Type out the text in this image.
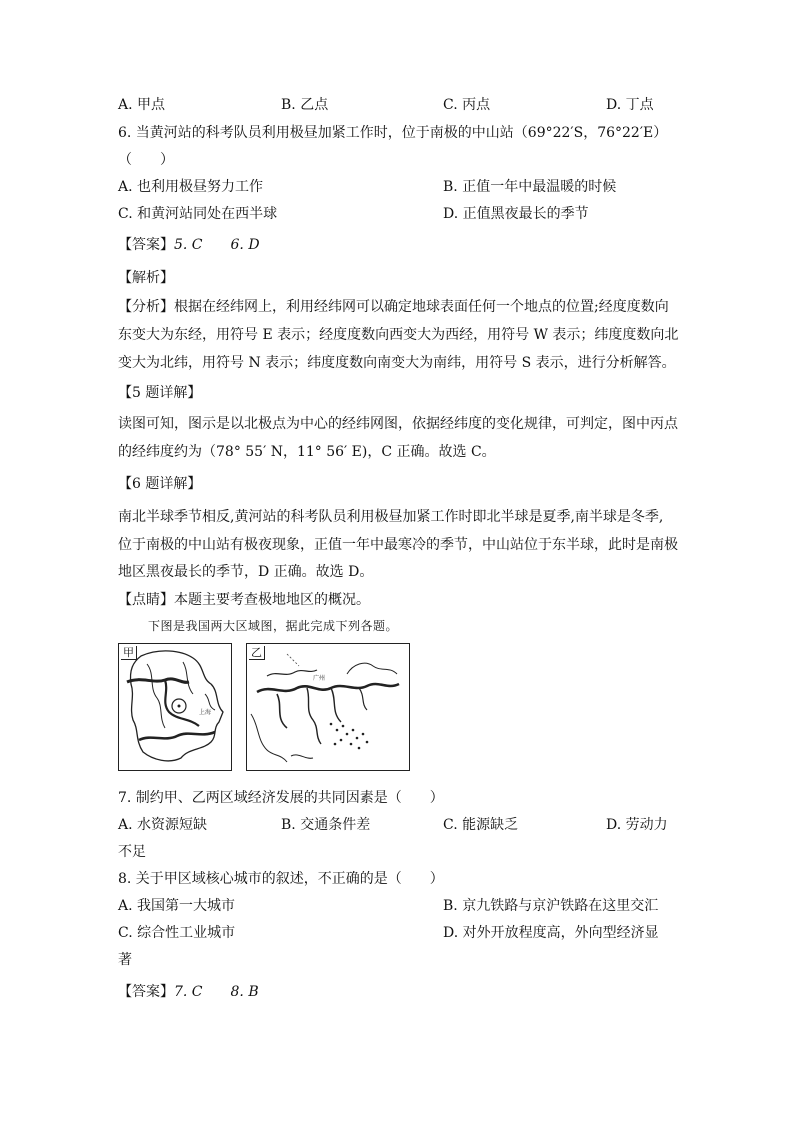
A. 甲点	B. 乙点	C. 丙点	D. 丁点
6. 当黄河站的科考队员利用极昼加紧工作时，位于南极的中山站（69°22′S，76°22′E）
（　　）
A. 也利用极昼努力工作	B. 正值一年中最温暖的时候
C. 和黄河站同处在西半球	D. 正值黑夜最长的季节
【答案】5. C　　6. D
【解析】
【分析】根据在经纬网上，利用经纬网可以确定地球表面任何一个地点的位置;经度度数向
东变大为东经，用符号 E 表示；经度度数向西变大为西经，用符号 W 表示；纬度度数向北
变大为北纬，用符号 N 表示；纬度度数向南变大为南纬，用符号 S 表示，进行分析解答。
【5 题详解】
读图可知，图示是以北极点为中心的经纬网图，依据经纬度的变化规律，可判定，图中丙点
的经纬度约为（78° 55′ N，11° 56′ E)，C 正确。故选 C。
【6 题详解】
南北半球季节相反,黄河站的科考队员利用极昼加紧工作时即北半球是夏季,南半球是冬季,
位于南极的中山站有极夜现象，正值一年中最寒冷的季节，中山站位于东半球，此时是南极
地区黑夜最长的季节，D 正确。故选 D。
【点睛】本题主要考查极地地区的概况。
下图是我国两大区域图，据此完成下列各题。
甲
上海
乙
广州
7. 制约甲、乙两区域经济发展的共同因素是（　　）
A. 水资源短缺	B. 交通条件差	C. 能源缺乏	D. 劳动力
不足
8. 关于甲区域核心城市的叙述，不正确的是（　　）
A. 我国第一大城市	B. 京九铁路与京沪铁路在这里交汇
C. 综合性工业城市	D. 对外开放程度高，外向型经济显
著
【答案】7. C　　8. B
